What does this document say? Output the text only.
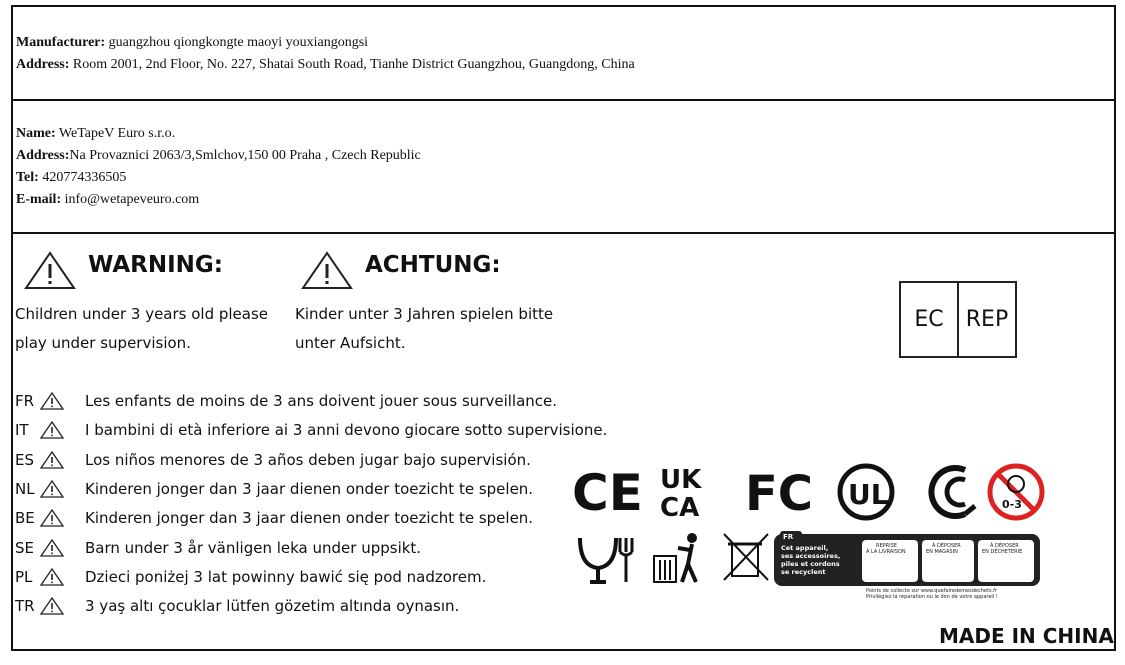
Manufacturer: guangzhou qiongkongte maoyi youxiangongsi
Address: Room 2001, 2nd Floor, No. 227, Shatai South Road, Tianhe District Guangzhou, Guangdong, China
Name: WeTapeV Euro s.r.o.
Address:Na Provaznici 2063/3,Smlchov,150 00 Praha , Czech Republic
Tel: 420774336505
E-mail: info@wetapeveuro.com
WARNING:
Children under 3 years old please
play under supervision.
ACHTUNG:
Kinder unter 3 Jahren spielen bitte
unter Aufsicht.
EC	REP
FR	Les enfants de moins de 3 ans doivent jouer sous surveillance.
IT	I bambini di età inferiore ai 3 anni devono giocare sotto supervisione.
ES	Los niños menores de 3 años deben jugar bajo supervisión.
NL	Kinderen jonger dan 3 jaar dienen onder toezicht te spelen.
BE	Kinderen jonger dan 3 jaar dienen onder toezicht te spelen.
SE	Barn under 3 år vänligen leka under uppsikt.
PL	Dzieci poniżej 3 lat powinny bawić się pod nadzorem.
TR	3 yaş altı çocuklar lütfen gözetim altında oynasın.
CE UK
CA FC UL	0-3
FR
Cet appareil,
ses accessoires,
piles et cordons
se recyclent
REPRISE
À LA LIVRAISON
À DÉPOSER
EN MAGASIN
À DÉPOSER
EN DÉCHETERIE
Points de collecte sur www.quefairedemesdechets.fr
Privilégiez la réparation ou le don de votre appareil !
MADE IN CHINA
